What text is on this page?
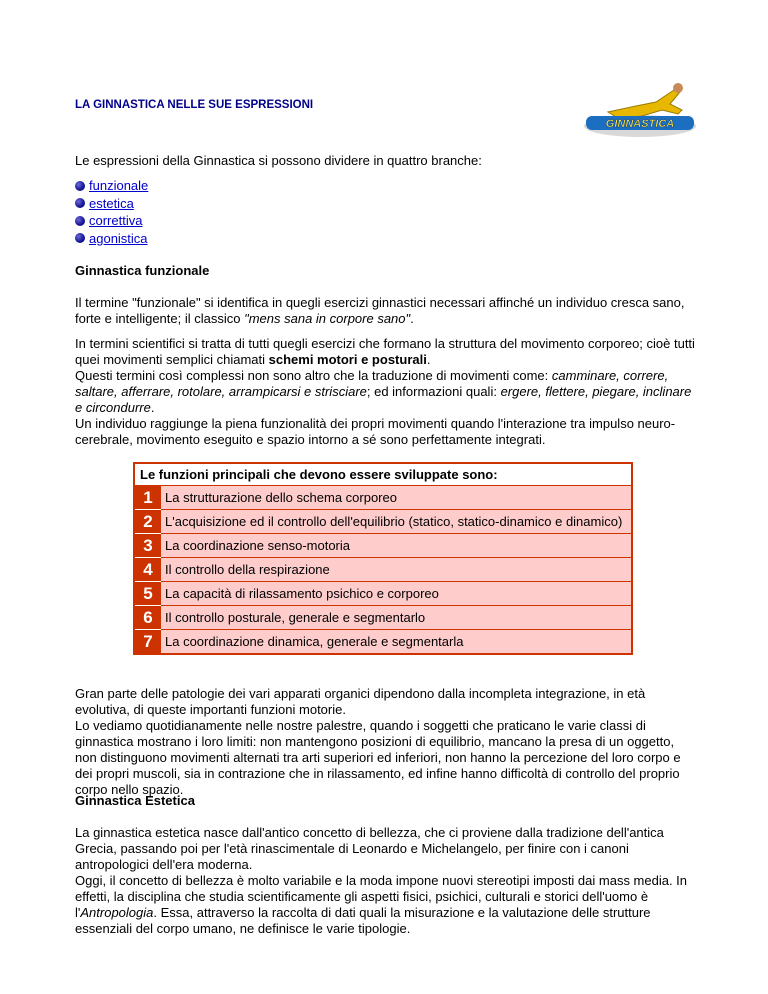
LA GINNASTICA NELLE SUE ESPRESSIONI
GINNASTICA
Le espressioni della Ginnastica si possono dividere in quattro branche:
funzionale
estetica
correttiva
agonistica
Ginnastica funzionale
Il termine "funzionale" si identifica in quegli esercizi ginnastici necessari affinché un individuo cresca sano, forte e intelligente; il classico "mens sana in corpore sano".
In termini scientifici si tratta di tutti quegli esercizi che formano la struttura del movimento corporeo; cioè tutti quei movimenti semplici chiamati schemi motori e posturali.
Questi termini così complessi non sono altro che la traduzione di movimenti come: camminare, correre, saltare, afferrare, rotolare, arrampicarsi e strisciare; ed informazioni quali: ergere, flettere, piegare, inclinare e circondurre.
Un individuo raggiunge la piena funzionalità dei propri movimenti quando l'interazione tra impulso neuro-cerebrale, movimento eseguito e spazio intorno a sé sono perfettamente integrati.
Le funzioni principali che devono essere sviluppate sono:	
1	La strutturazione dello schema corporeo
2	L'acquisizione ed il controllo dell'equilibrio (statico, statico-dinamico e dinamico)
3	La coordinazione senso-motoria
4	Il controllo della respirazione
5	La capacità di rilassamento psichico e corporeo
6	Il controllo posturale, generale e segmentarlo
7	La coordinazione dinamica, generale e segmentarla
Gran parte delle patologie dei vari apparati organici dipendono dalla incompleta integrazione, in età evolutiva, di queste importanti funzioni motorie.
Lo vediamo quotidianamente nelle nostre palestre, quando i soggetti che praticano le varie classi di ginnastica mostrano i loro limiti: non mantengono posizioni di equilibrio, mancano la presa di un oggetto, non distinguono movimenti alternati tra arti superiori ed inferiori, non hanno la percezione del loro corpo e dei propri muscoli, sia in contrazione che in rilassamento, ed infine hanno difficoltà di controllo del proprio corpo nello spazio.
Ginnastica Estetica
La ginnastica estetica nasce dall'antico concetto di bellezza, che ci proviene dalla tradizione dell'antica Grecia, passando poi per l'età rinascimentale di Leonardo e Michelangelo, per finire con i canoni antropologici dell'era moderna.
Oggi, il concetto di bellezza è molto variabile e la moda impone nuovi stereotipi imposti dai mass media. In effetti, la disciplina che studia scientificamente gli aspetti fisici, psichici, culturali e storici dell'uomo è l'Antropologia. Essa, attraverso la raccolta di dati quali la misurazione e la valutazione delle strutture essenziali del corpo umano, ne definisce le varie tipologie.
